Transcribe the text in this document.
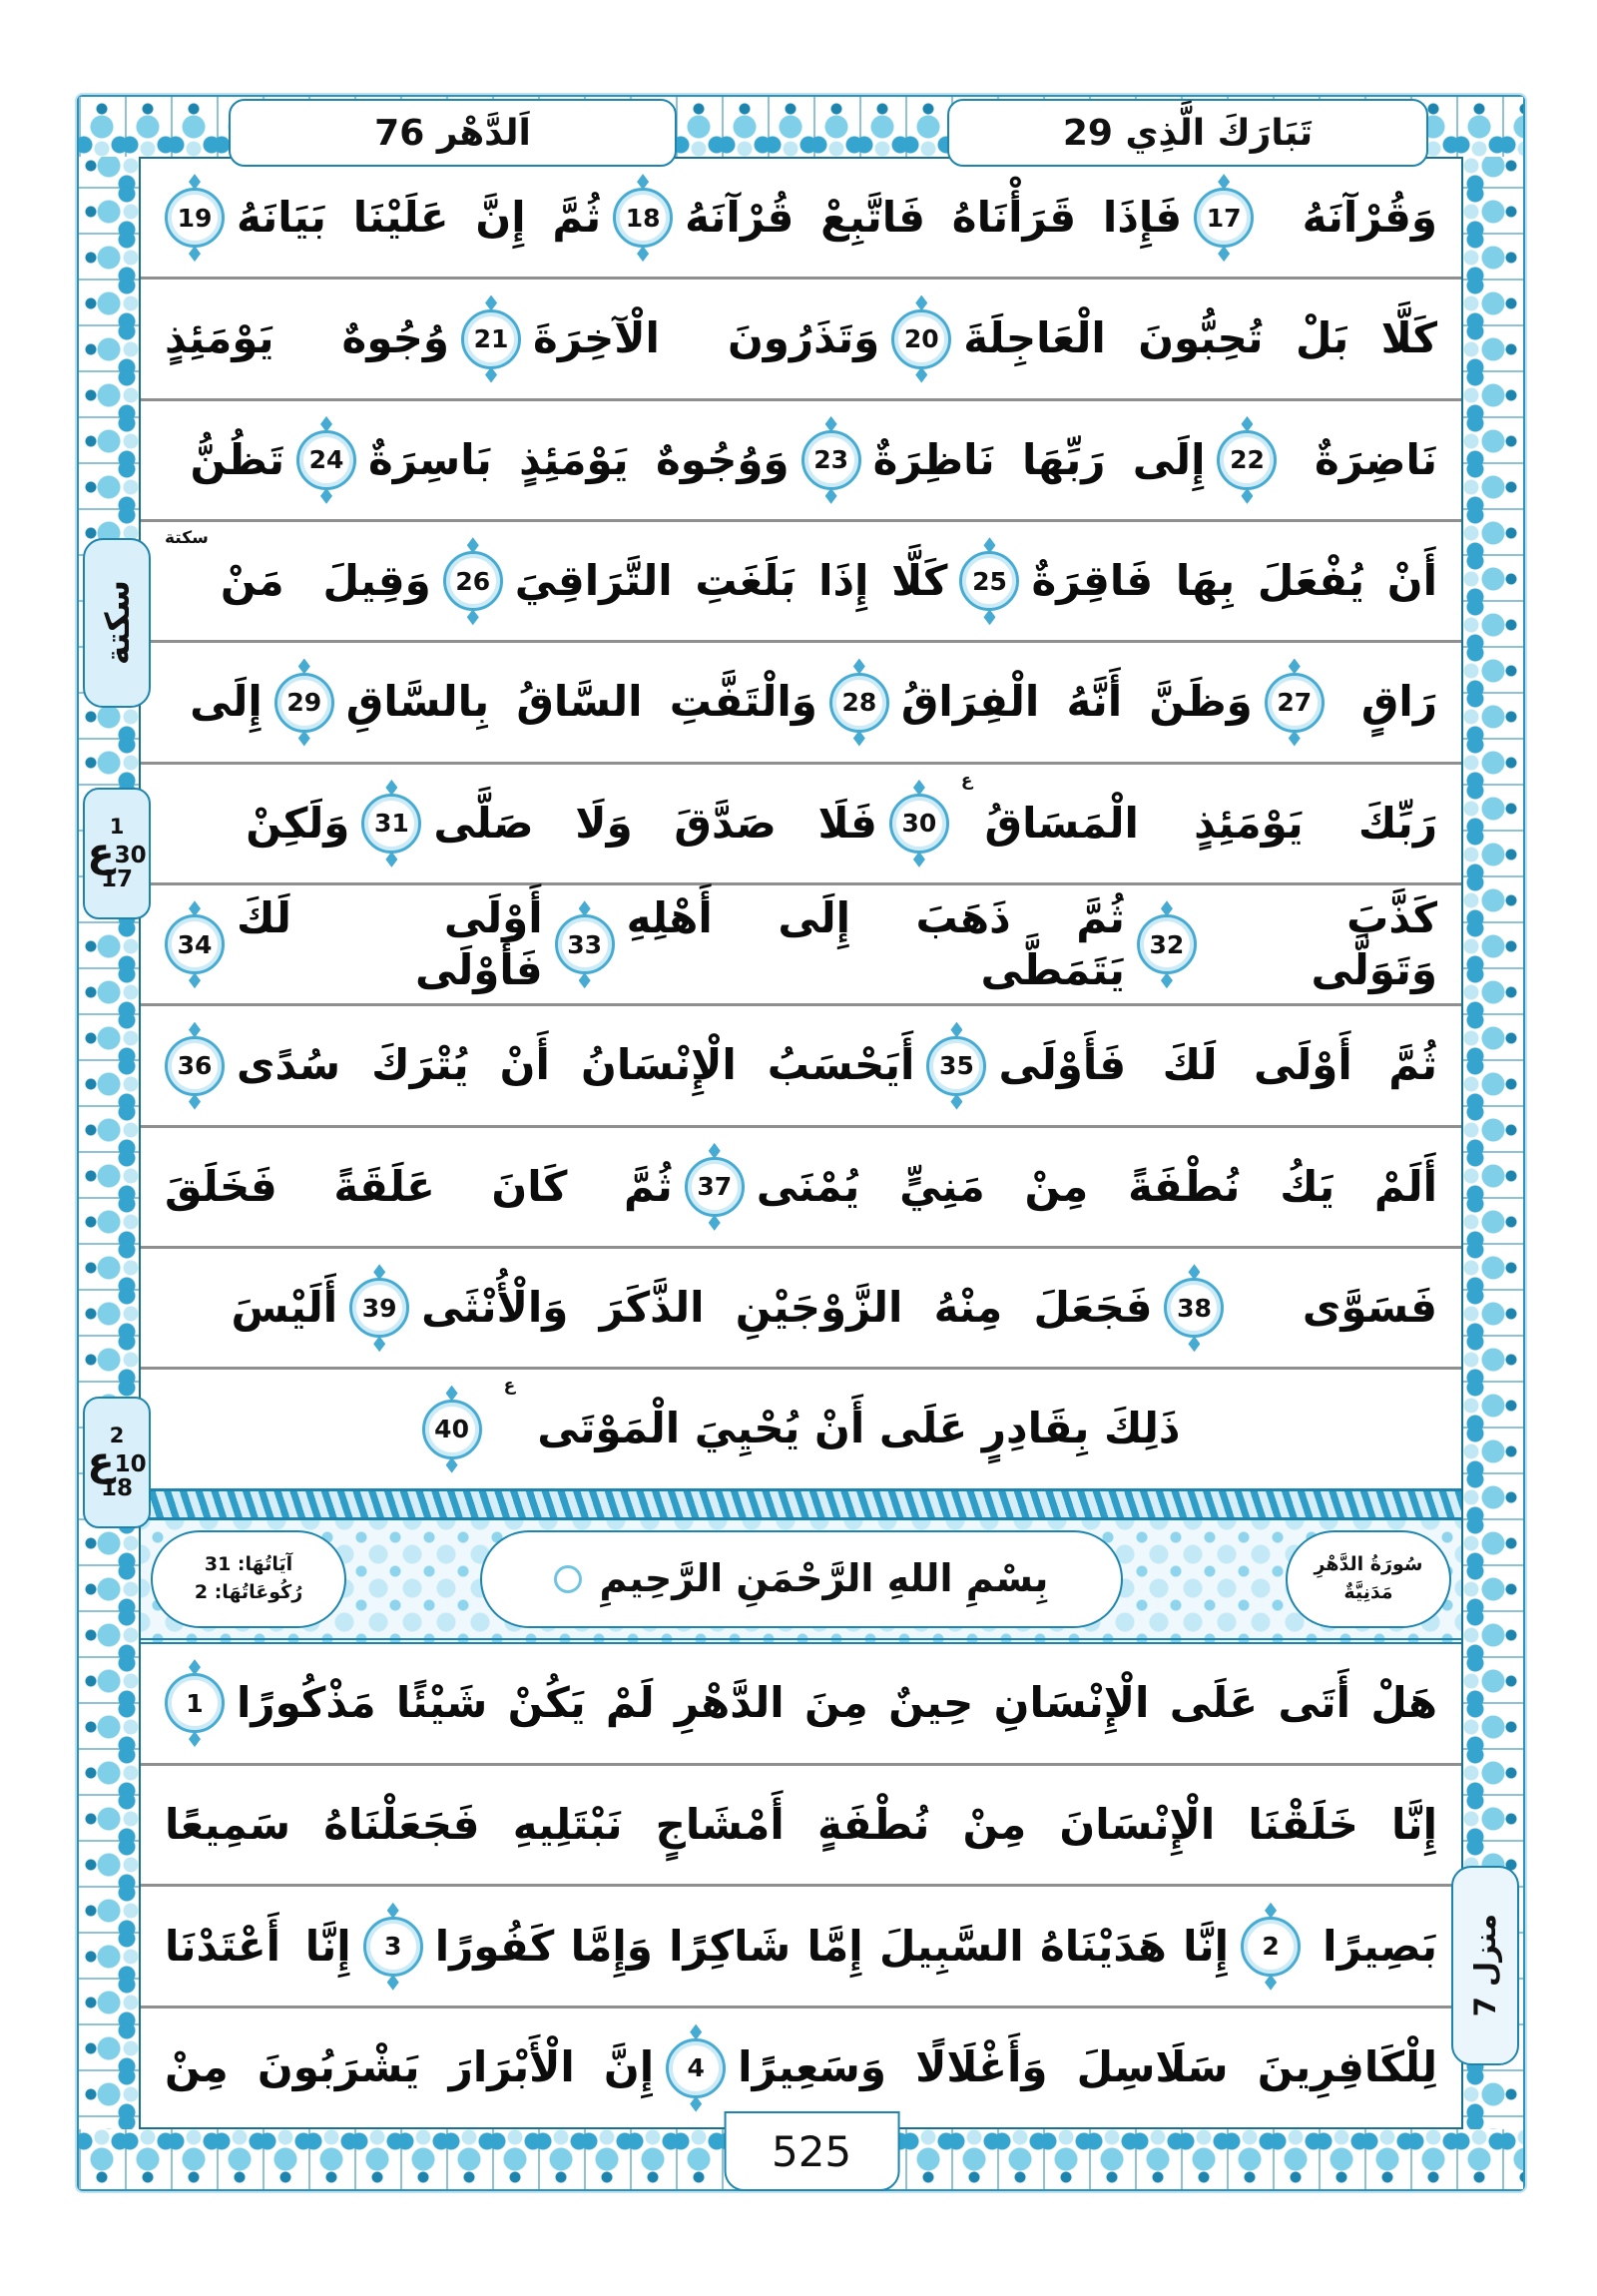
اَلدَّهْر 76	تَبَارَكَ الَّذِي 29
سكتة
1
ع 30
17
2
ع 10
18
منزل 7
وَقُرْآنَهُ
17
فَإِذَا قَرَأْنَاهُ فَاتَّبِعْ قُرْآنَهُ
18
ثُمَّ إِنَّ عَلَيْنَا بَيَانَهُ
19
كَلَّا بَلْ تُحِبُّونَ الْعَاجِلَةَ
20
وَتَذَرُونَ الْآخِرَةَ
21
وُجُوهٌ يَوْمَئِذٍ
نَاضِرَةٌ
22
إِلَى رَبِّهَا نَاظِرَةٌ
23
وَوُجُوهٌ يَوْمَئِذٍ بَاسِرَةٌ
24
تَظُنُّ
أَنْ يُفْعَلَ بِهَا فَاقِرَةٌ
25
كَلَّا إِذَا بَلَغَتِ التَّرَاقِيَ
26
وَقِيلَ مَنْ
سكتة
رَاقٍ
27
وَظَنَّ أَنَّهُ الْفِرَاقُ
28
وَالْتَفَّتِ السَّاقُ بِالسَّاقِ
29
إِلَى
رَبِّكَ يَوْمَئِذٍ الْمَسَاقُ
ع
30
فَلَا صَدَّقَ وَلَا صَلَّى
31
وَلَكِنْ
كَذَّبَ وَتَوَلَّى
32
ثُمَّ ذَهَبَ إِلَى أَهْلِهِ يَتَمَطَّى
33
أَوْلَى لَكَ فَأَوْلَى
34
ثُمَّ أَوْلَى لَكَ فَأَوْلَى
35
أَيَحْسَبُ الْإِنْسَانُ أَنْ يُتْرَكَ سُدًى
36
أَلَمْ يَكُ نُطْفَةً مِنْ مَنِيٍّ يُمْنَى
37
ثُمَّ كَانَ عَلَقَةً فَخَلَقَ
فَسَوَّى
38
فَجَعَلَ مِنْهُ الزَّوْجَيْنِ الذَّكَرَ وَالْأُنْثَى
39
أَلَيْسَ
ذَلِكَ بِقَادِرٍ عَلَى أَنْ يُحْيِيَ الْمَوْتَى
ع
40
سُورَةُ الدَّهْرِ
مَدَنِيَّةٌ
بِسْمِ اللهِ الرَّحْمَنِ الرَّحِيمِ
آيَاتُهَا: 31
رُكُوعَاتُهَا: 2
هَلْ أَتَى عَلَى الْإِنْسَانِ حِينٌ مِنَ الدَّهْرِ لَمْ يَكُنْ شَيْئًا مَذْكُورًا
1
إِنَّا خَلَقْنَا الْإِنْسَانَ مِنْ نُطْفَةٍ أَمْشَاجٍ نَبْتَلِيهِ فَجَعَلْنَاهُ سَمِيعًا
بَصِيرًا
2
إِنَّا هَدَيْنَاهُ السَّبِيلَ إِمَّا شَاكِرًا وَإِمَّا كَفُورًا
3
إِنَّا أَعْتَدْنَا
لِلْكَافِرِينَ سَلَاسِلَ وَأَغْلَالًا وَسَعِيرًا
4
إِنَّ الْأَبْرَارَ يَشْرَبُونَ مِنْ
525
